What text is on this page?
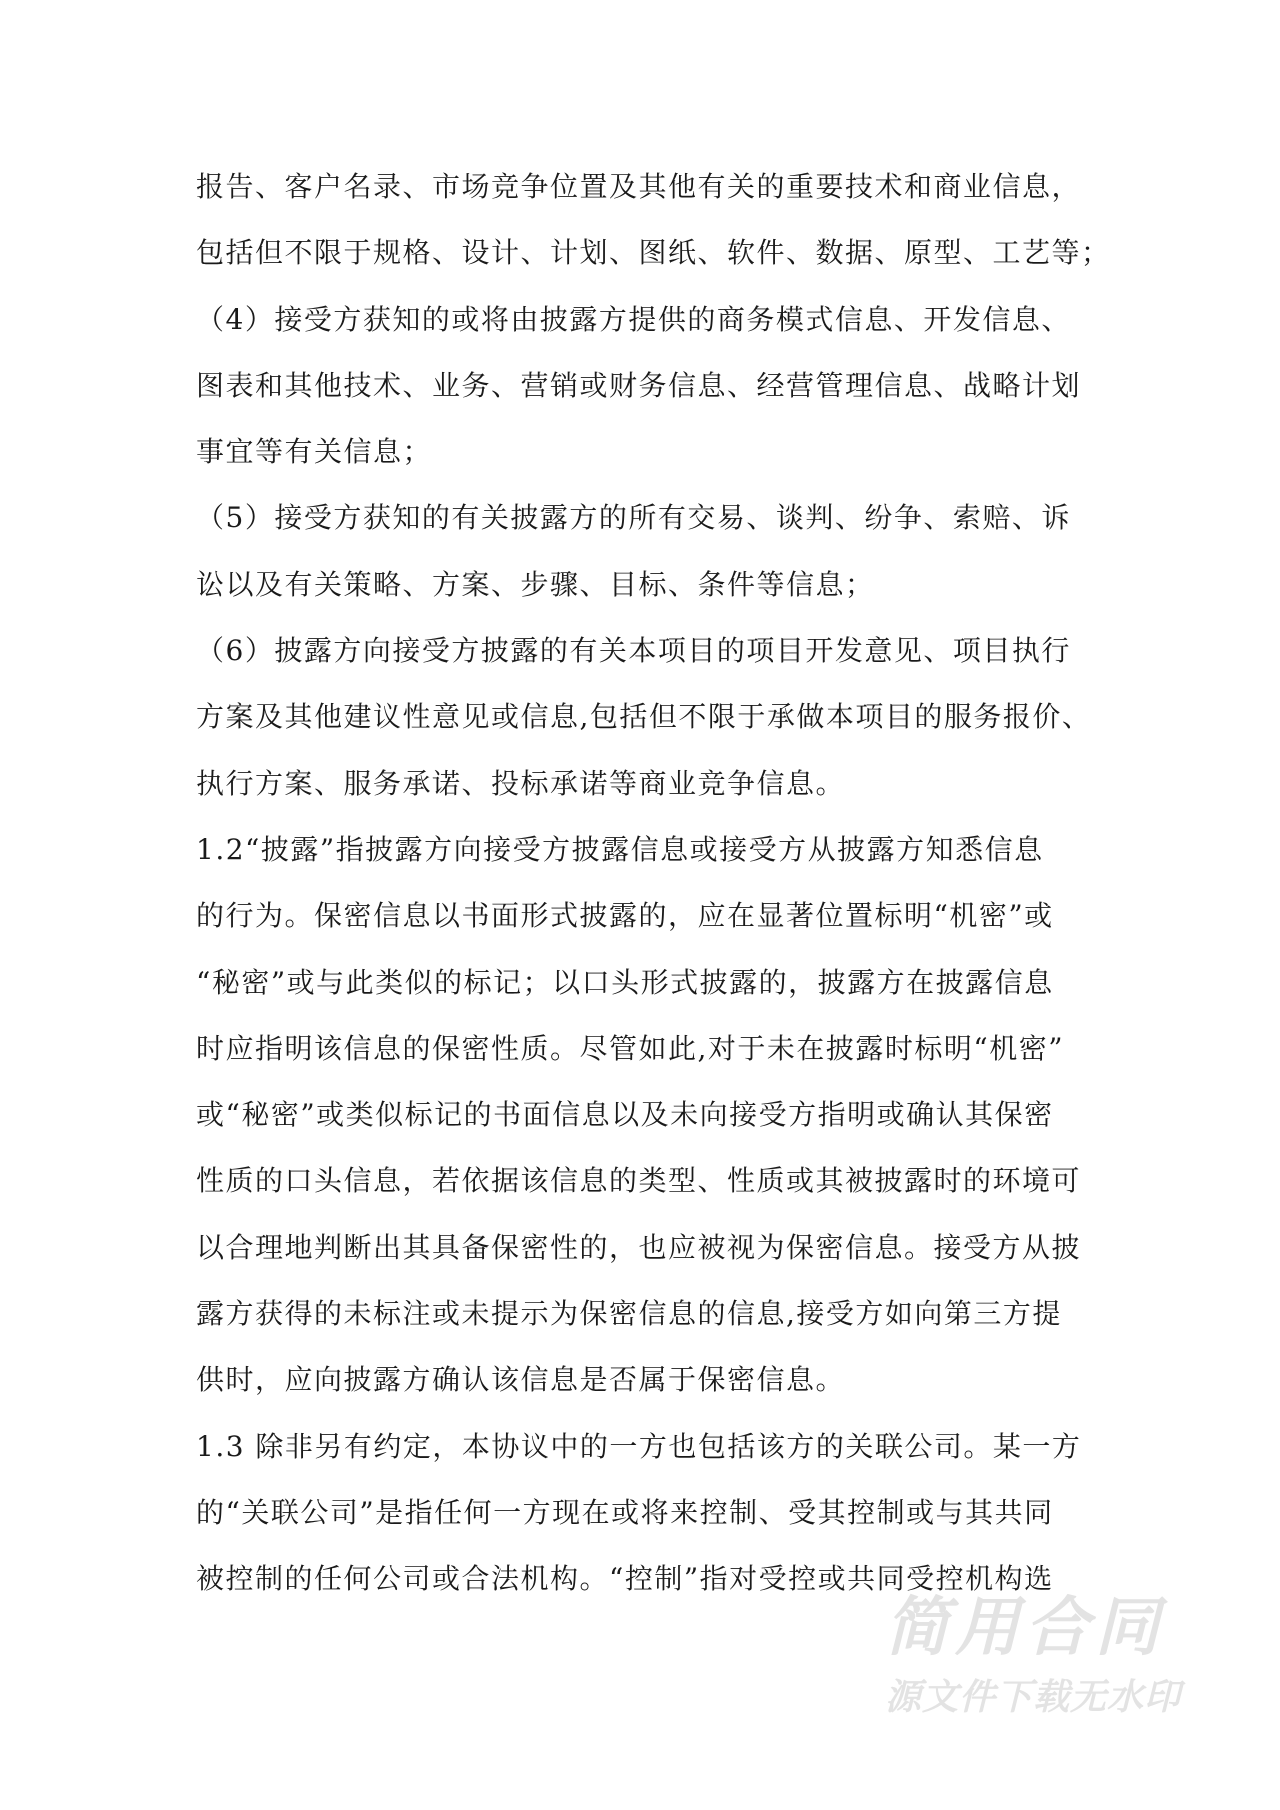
报告、客户名录、市场竞争位置及其他有关的重要技术和商业信息，
包括但不限于规格、设计、计划、图纸、软件、数据、原型、工艺等；
（4）接受方获知的或将由披露方提供的商务模式信息、开发信息、
图表和其他技术、业务、营销或财务信息、经营管理信息、战略计划
事宜等有关信息；
（5）接受方获知的有关披露方的所有交易、谈判、纷争、索赔、诉
讼以及有关策略、方案、步骤、目标、条件等信息；
（6）披露方向接受方披露的有关本项目的项目开发意见、项目执行
方案及其他建议性意见或信息,包括但不限于承做本项目的服务报价、
执行方案、服务承诺、投标承诺等商业竞争信息。
1.2“披露”指披露方向接受方披露信息或接受方从披露方知悉信息
的行为。保密信息以书面形式披露的，应在显著位置标明“机密”或
“秘密”或与此类似的标记；以口头形式披露的，披露方在披露信息
时应指明该信息的保密性质。尽管如此,对于未在披露时标明“机密”
或“秘密”或类似标记的书面信息以及未向接受方指明或确认其保密
性质的口头信息，若依据该信息的类型、性质或其被披露时的环境可
以合理地判断出其具备保密性的，也应被视为保密信息。接受方从披
露方获得的未标注或未提示为保密信息的信息,接受方如向第三方提
供时，应向披露方确认该信息是否属于保密信息。
1.3 除非另有约定，本协议中的一方也包括该方的关联公司。某一方
的“关联公司”是指任何一方现在或将来控制、受其控制或与其共同
被控制的任何公司或合法机构。“控制”指对受控或共同受控机构选
简用合同
源文件下载无水印
